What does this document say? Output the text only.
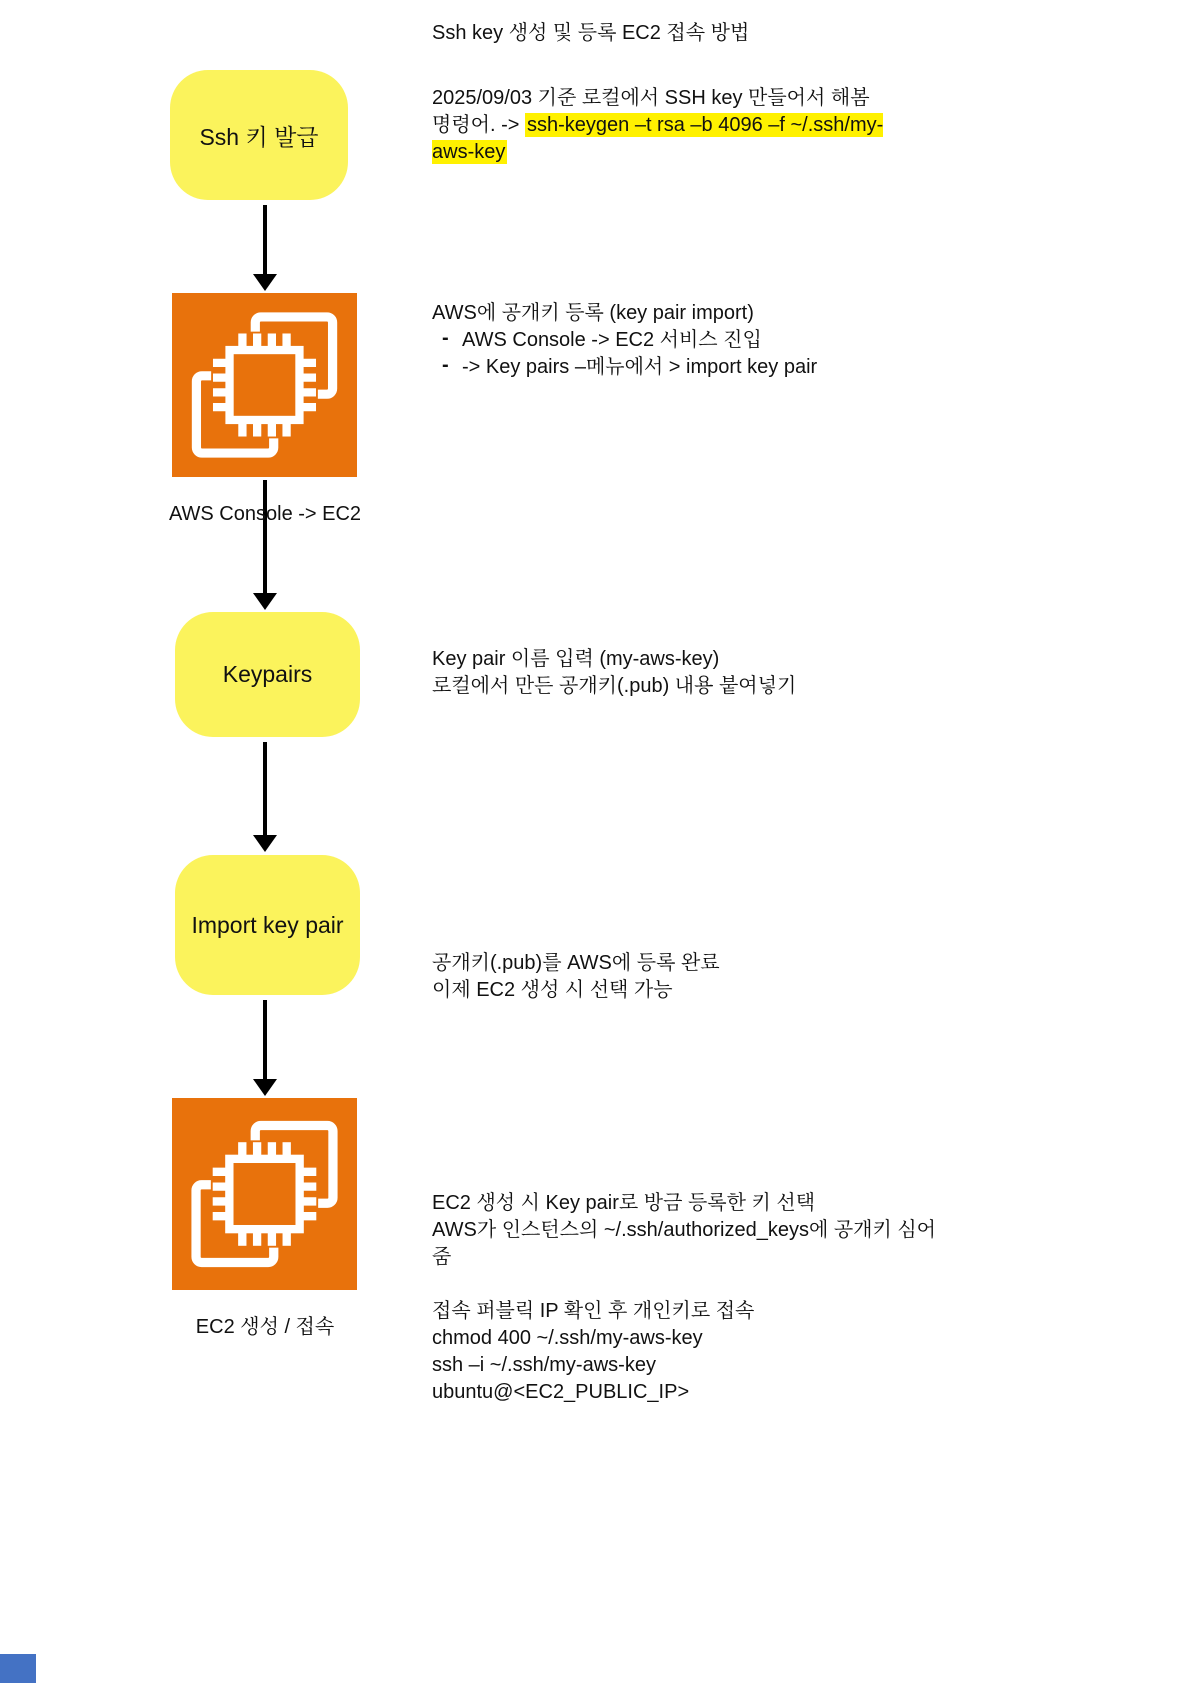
Ssh key 생성 및 등록 EC2 접속 방법
Ssh 키 발급
AWS Console -> EC2
Keypairs
Import key pair
EC2 생성 / 접속
2025/09/03 기준 로컬에서 SSH key 만들어서 해봄
명령어. -> ssh-keygen –t rsa –b 4096 –f ~/.ssh/my-aws-key
AWS에 공개키 등록 (key pair import)
- AWS Console -> EC2 서비스 진입
- -> Key pairs –메뉴에서 > import key pair
Key pair 이름 입력 (my-aws-key)
로컬에서 만든 공개키(.pub) 내용 붙여넣기
공개키(.pub)를 AWS에 등록 완료
이제 EC2 생성 시 선택 가능
EC2 생성 시 Key pair로 방금 등록한 키 선택
AWS가 인스턴스의 ~/.ssh/authorized_keys에 공개키 심어줌
접속 퍼블릭 IP 확인 후 개인키로 접속
chmod 400 ~/.ssh/my-aws-key
ssh –i ~/.ssh/my-aws-key
ubuntu@<EC2_PUBLIC_IP>
